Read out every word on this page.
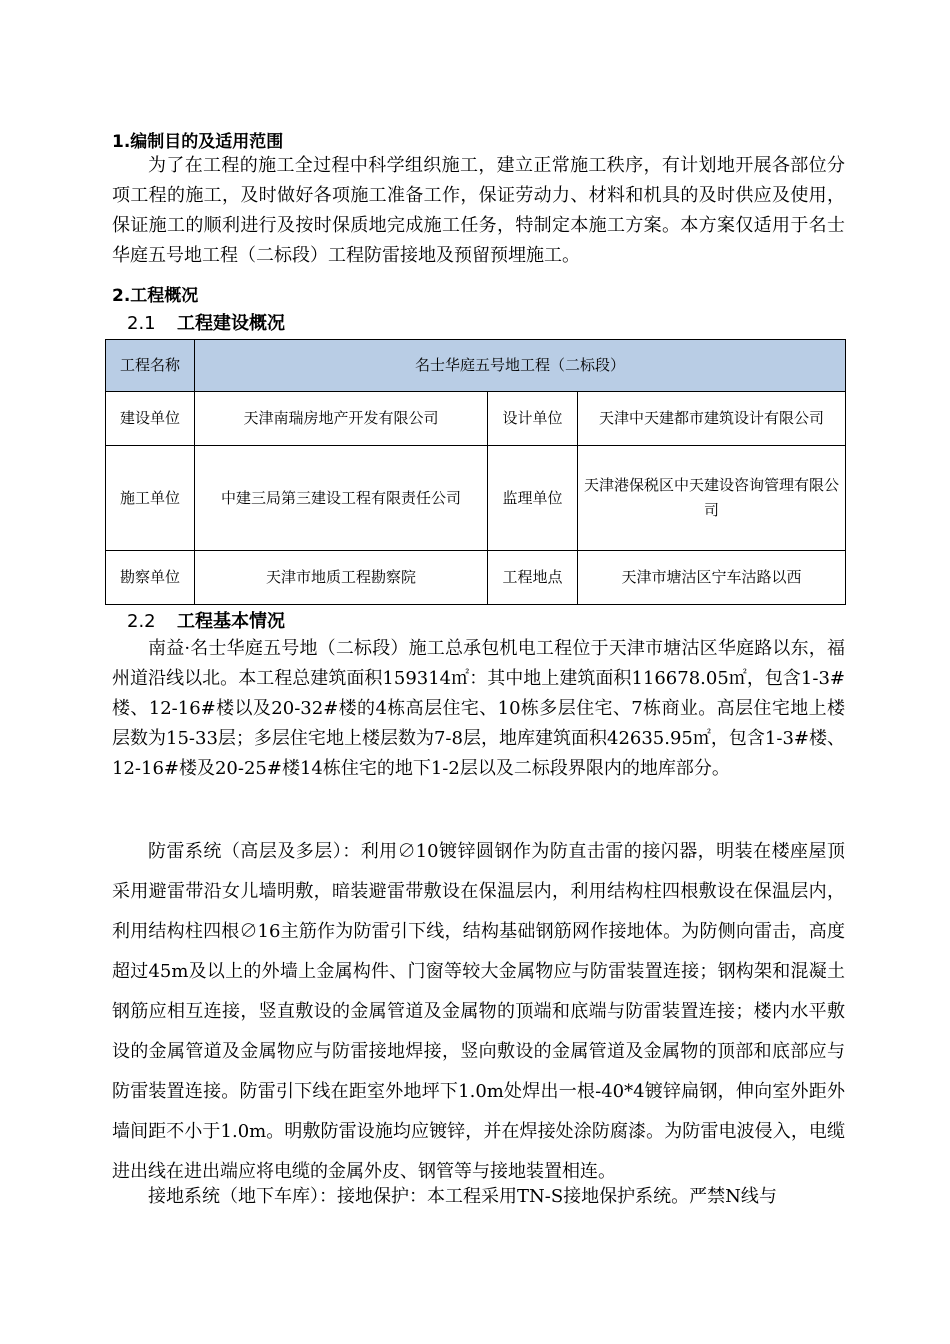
1.编制目的及适用范围

为了在工程的施工全过程中科学组织施工，建立正常施工秩序，有计划地开展各部位分项工程的施工，及时做好各项施工准备工作，保证劳动力、材料和机具的及时供应及使用，保证施工的顺利进行及按时保质地完成施工任务，特制定本施工方案。本方案仅适用于名士华庭五号地工程（二标段）工程防雷接地及预留预埋施工。

2.工程概况
2.1 工程建设概况
工程名称	名士华庭五号地工程（二标段）		
建设单位	天津南瑞房地产开发有限公司	设计单位	天津中天建都市建筑设计有限公司
施工单位	中建三局第三建设工程有限责任公司	监理单位	天津港保税区中天建设咨询管理有限公司
勘察单位	天津市地质工程勘察院	工程地点	天津市塘沽区宁车沽路以西
2.2 工程基本情况

南益·名士华庭五号地（二标段）施工总承包机电工程位于天津市塘沽区华庭路以东，福州道沿线以北。本工程总建筑面积159314㎡：其中地上建筑面积116678.05㎡，包含1-3#楼、12-16#楼以及20-32#楼的4栋高层住宅、10栋多层住宅、7栋商业。高层住宅地上楼层数为15-33层；多层住宅地上楼层数为7-8层，地库建筑面积42635.95㎡，包含1-3#楼、12-16#楼及20-25#楼14栋住宅的地下1-2层以及二标段界限内的地库部分。

防雷系统（高层及多层）：利用∅10镀锌圆钢作为防直击雷的接闪器，明装在楼座屋顶采用避雷带沿女儿墙明敷，暗装避雷带敷设在保温层内，利用结构柱四根敷设在保温层内，利用结构柱四根∅16主筋作为防雷引下线，结构基础钢筋网作接地体。为防侧向雷击，高度超过45m及以上的外墙上金属构件、门窗等较大金属物应与防雷装置连接；钢构架和混凝土钢筋应相互连接，竖直敷设的金属管道及金属物的顶端和底端与防雷装置连接；楼内水平敷设的金属管道及金属物应与防雷接地焊接，竖向敷设的金属管道及金属物的顶部和底部应与防雷装置连接。防雷引下线在距室外地坪下1.0m处焊出一根-40*4镀锌扁钢，伸向室外距外墙间距不小于1.0m。明敷防雷设施均应镀锌，并在焊接处涂防腐漆。为防雷电波侵入，电缆进出线在进出端应将电缆的金属外皮、钢管等与接地装置相连。

接地系统（地下车库）：接地保护：本工程采用TN-S接地保护系统。严禁N线与
